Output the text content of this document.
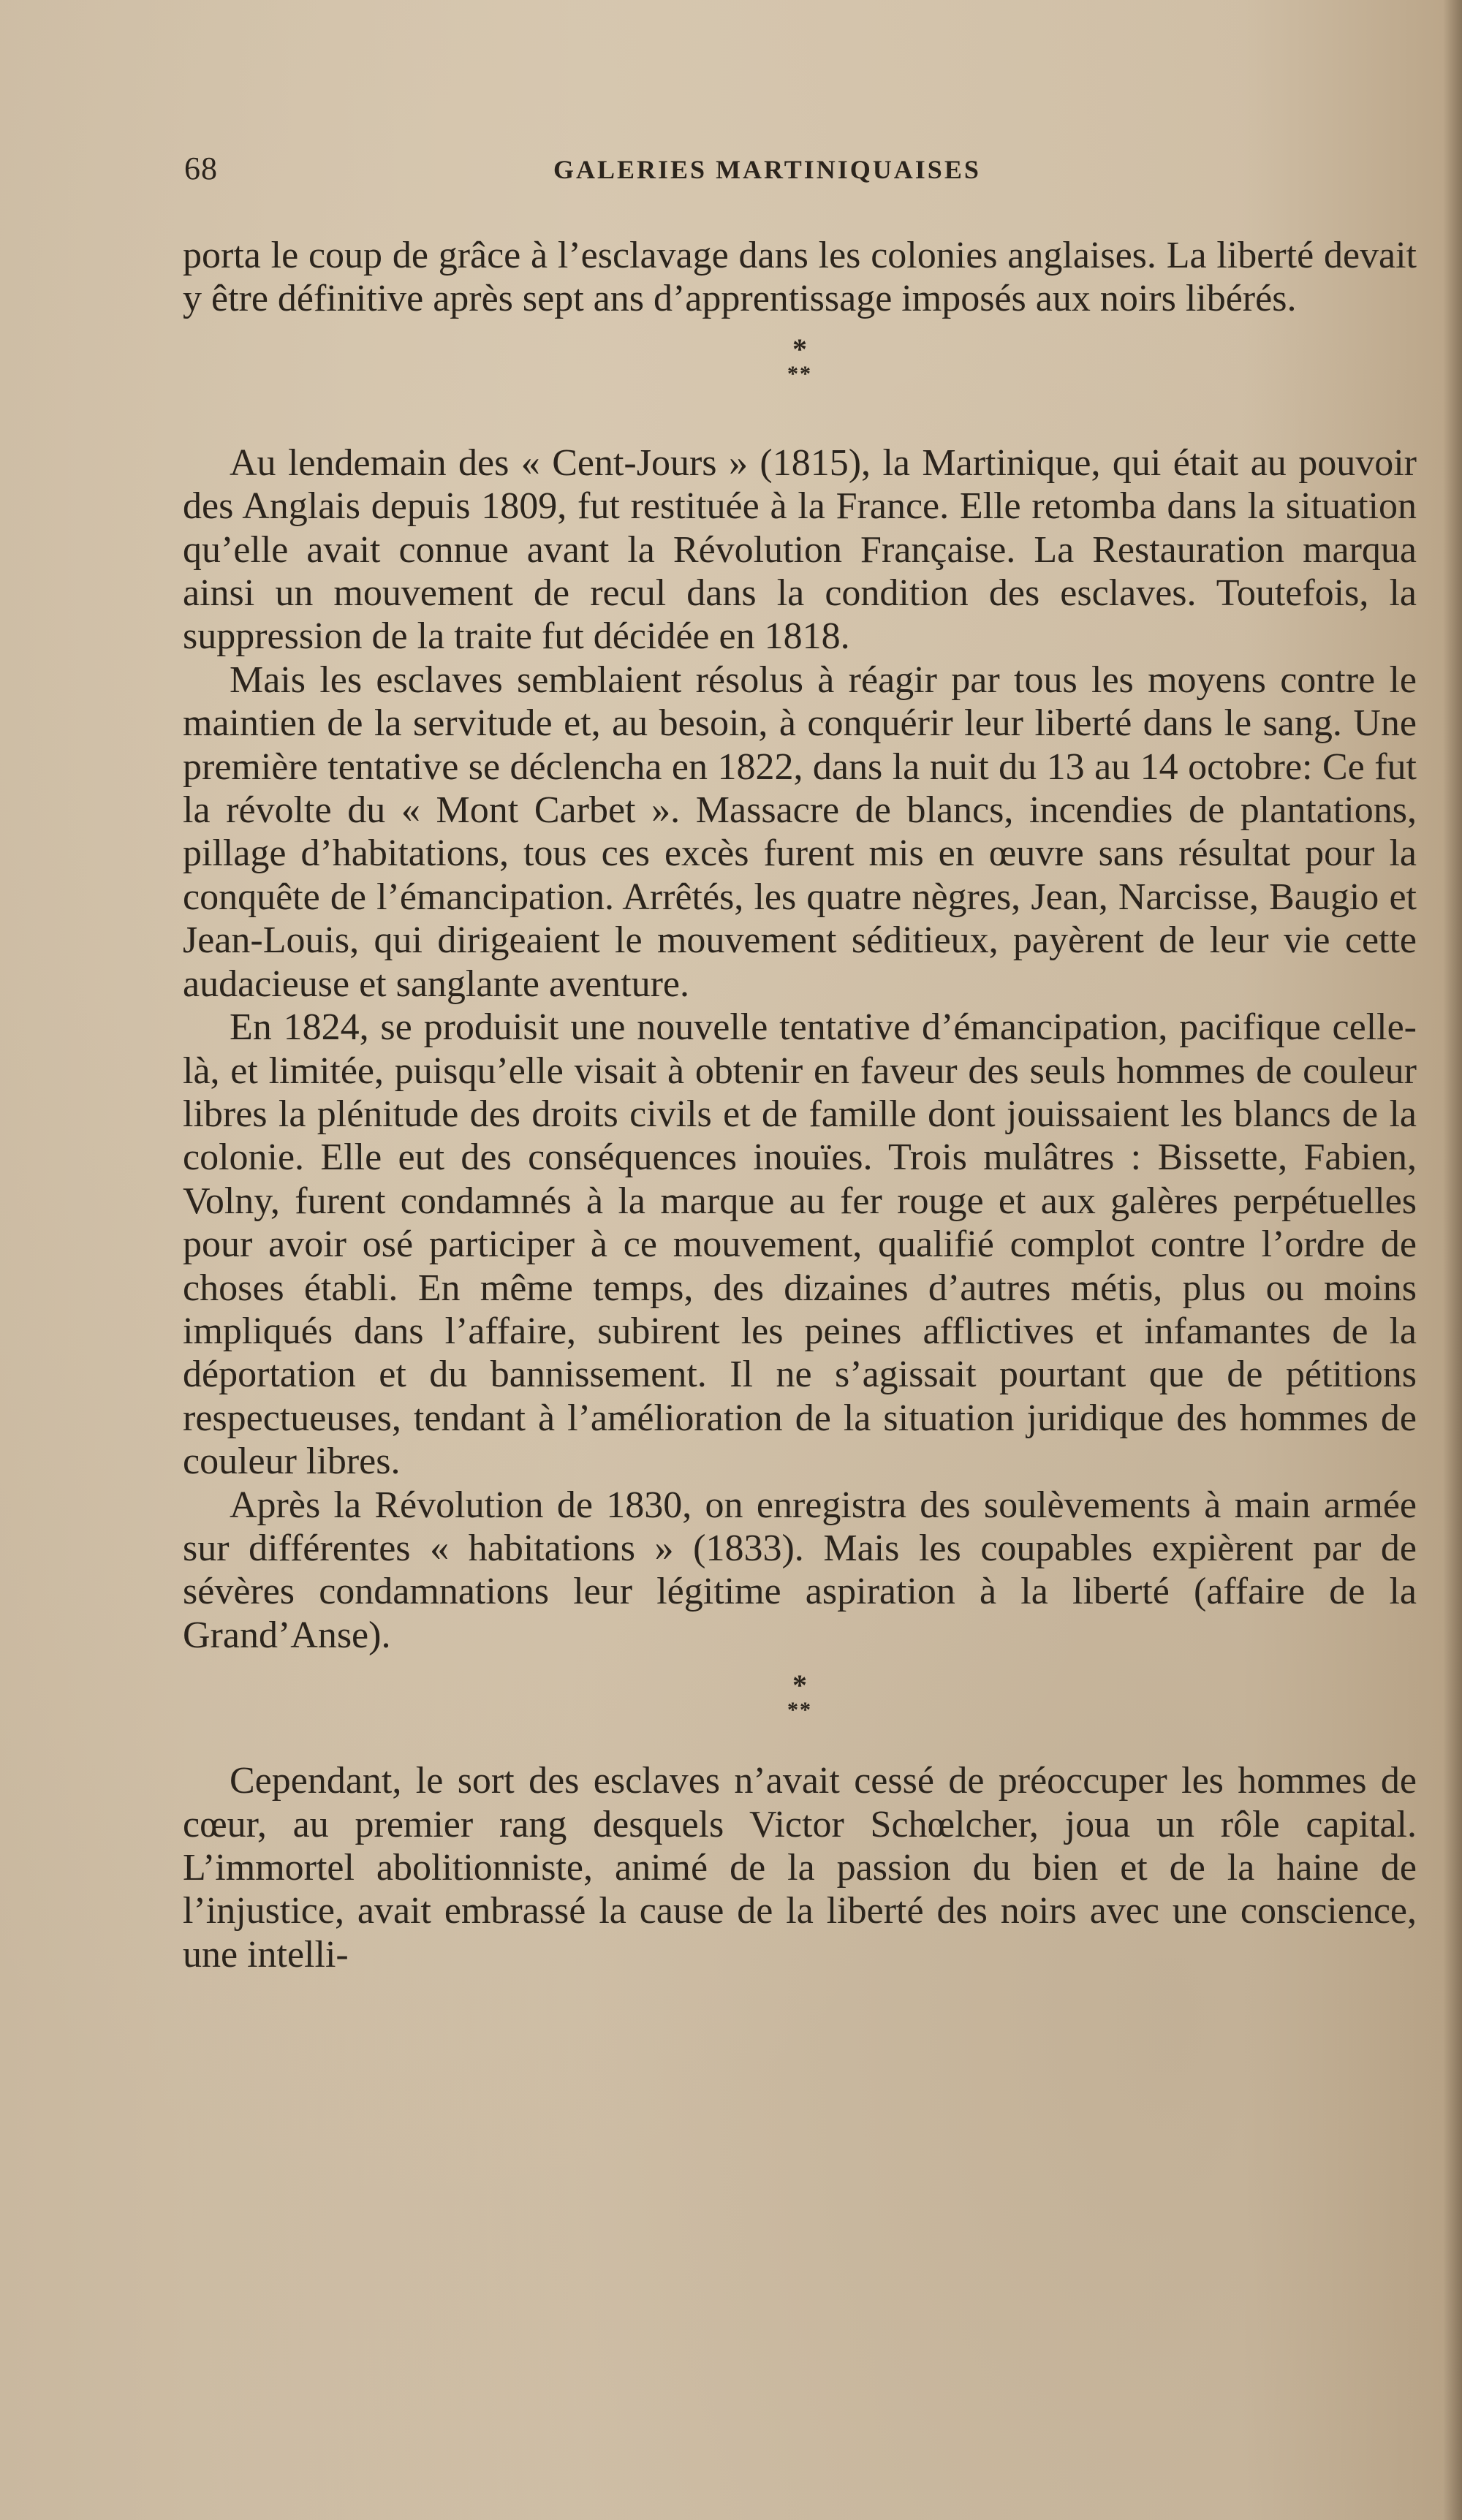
68	GALERIES MARTINIQUAISES

porta le coup de grâce à l’esclavage dans les colonies anglaises. La liberté devait y être définitive après sept ans d’apprentissage imposés aux noirs libérés.

*
**

Au lendemain des « Cent-Jours » (1815), la Martinique, qui était au pouvoir des Anglais depuis 1809, fut restituée à la France. Elle retomba dans la situation qu’elle avait connue avant la Révolution Française. La Restauration marqua ainsi un mouvement de recul dans la condition des esclaves. Toutefois, la suppression de la traite fut décidée en 1818.

Mais les esclaves semblaient résolus à réagir par tous les moyens contre le maintien de la servitude et, au besoin, à conquérir leur liberté dans le sang. Une première tentative se déclencha en 1822, dans la nuit du 13 au 14 octobre: Ce fut la révolte du « Mont Carbet ». Massacre de blancs, incendies de plantations, pillage d’habitations, tous ces excès furent mis en œuvre sans résultat pour la conquête de l’émancipation. Arrêtés, les quatre nègres, Jean, Narcisse, Baugio et Jean-Louis, qui dirigeaient le mouvement séditieux, payèrent de leur vie cette audacieuse et sanglante aventure.

En 1824, se produisit une nouvelle tentative d’émancipation, pacifique celle-là, et limitée, puisqu’elle visait à obtenir en faveur des seuls hommes de couleur libres la plénitude des droits civils et de famille dont jouissaient les blancs de la colonie. Elle eut des conséquences inouïes. Trois mulâtres : Bissette, Fabien, Volny, furent condamnés à la marque au fer rouge et aux galères perpétuelles pour avoir osé participer à ce mouvement, qualifié complot contre l’ordre de choses établi. En même temps, des dizaines d’autres métis, plus ou moins impliqués dans l’affaire, subirent les peines afflictives et infamantes de la déportation et du bannissement. Il ne s’agissait pourtant que de pétitions respectueuses, tendant à l’amélioration de la situation juridique des hommes de couleur libres.

Après la Révolution de 1830, on enregistra des soulèvements à main armée sur différentes « habitations » (1833). Mais les coupables expièrent par de sévères condamnations leur légitime aspiration à la liberté (affaire de la Grand’Anse).

*
**

Cependant, le sort des esclaves n’avait cessé de préoccuper les hommes de cœur, au premier rang desquels Victor Schœlcher, joua un rôle capital. L’immortel abolitionniste, animé de la passion du bien et de la haine de l’injustice, avait embrassé la cause de la liberté des noirs avec une conscience, une intelli-
